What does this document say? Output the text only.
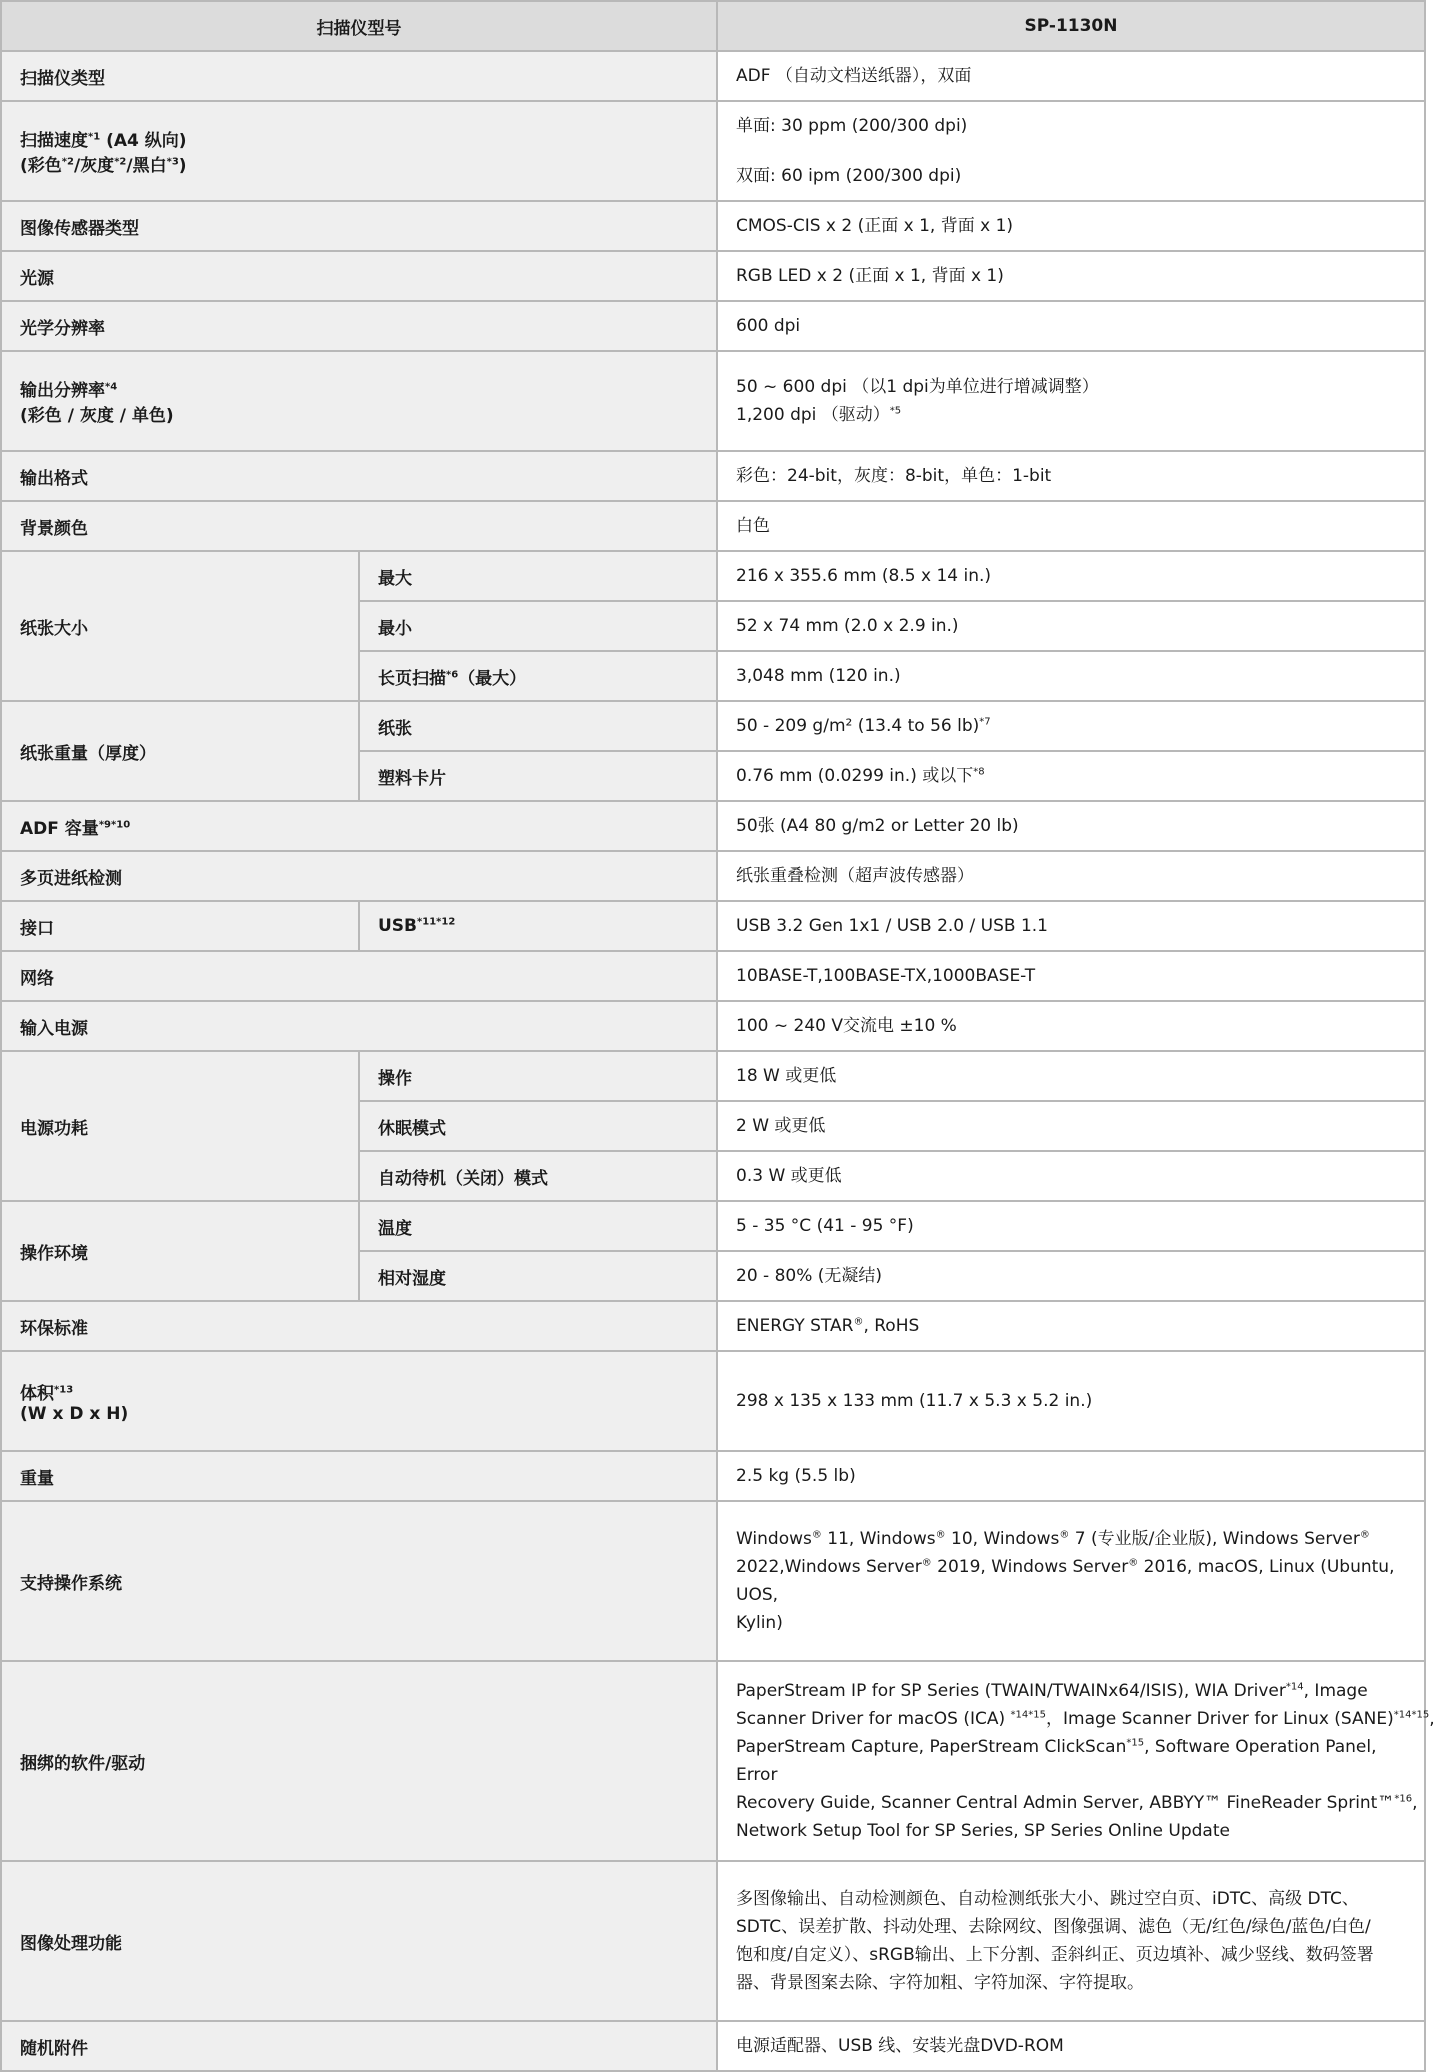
扫描仪型号		SP-1130N
扫描仪类型		ADF （自动文档送纸器），双面

扫描速度$^{*1}$ (A4 纵向)
(彩色$^{*2}$/灰度$^{*2}$/黑白$^{*3}$)		单面: 30 ppm (200/300 dpi)
双面: 60 ipm (200/300 dpi)

图像传感器类型		CMOS-CIS x 2 (正面 x 1, 背面 x 1)
光源		RGB LED x 2 (正面 x 1, 背面 x 1)
光学分辨率		600 dpi

输出分辨率$^{*4}$
(彩色 / 灰度 / 单色)		50 ~ 600 dpi （以1 dpi为单位进行增减调整）
1,200 dpi （驱动）$^{*5}$

输出格式		彩色：24-bit，灰度：8-bit，单色：1-bit
背景颜色		白色
纸张大小	最大	216 x 355.6 mm (8.5 x 14 in.)
	最小	52 x 74 mm (2.0 x 2.9 in.)
	长页扫描$^{*6}$（最大）	3,048 mm (120 in.)
纸张重量（厚度）	纸张	50 - 209 g/m² (13.4 to 56 lb)$^{*7}$
	塑料卡片	0.76 mm (0.0299 in.) 或以下$^{*8}$
ADF 容量$^{*9*10}$		50张 (A4 80 g/m2 or Letter 20 lb)
多页进纸检测		纸张重叠检测（超声波传感器）
接口	$USB^{*11*12}$	USB 3.2 Gen 1x1 / USB 2.0 / USB 1.1
网络		10BASE-T,100BASE-TX,1000BASE-T
输入电源		100 ~ 240 V交流电 ±10 %
电源功耗	操作	18 W 或更低
	休眠模式	2 W 或更低
	自动待机（关闭）模式	0.3 W 或更低
操作环境	温度	5 - 35 °C (41 - 95 °F)
	相对湿度	20 - 80% (无凝结)
环保标准		ENERGY STAR®, RoHS

体积$^{*13}$
(W x D x H)		298 x 135 x 133 mm (11.7 x 5.3 x 5.2 in.)
重量		2.5 kg (5.5 lb)
支持操作系统		Windows® 11, Windows® 10, Windows® 7 (专业版/企业版), Windows Server®
2022,Windows Server® 2019, Windows Server® 2016, macOS, Linux (Ubuntu, UOS,
Kylin)

捆绑的软件/驱动		PaperStream IP for SP Series (TWAIN/TWAINx64/ISIS), WIA Driver$^{*14}$, Image
Scanner Driver for macOS (ICA) $^{*14*15}$，Image Scanner Driver for Linux (SANE)$^{*14*15}$,
PaperStream Capture, PaperStream ClickScan$^{*15}$, Software Operation Panel, Error
Recovery Guide, Scanner Central Admin Server, ABBYY™ FineReader Sprint™$^{*16}$,
Network Setup Tool for SP Series, SP Series Online Update

图像处理功能		多图像输出、自动检测颜色、自动检测纸张大小、跳过空白页、iDTC、高级 DTC、
SDTC、误差扩散、抖动处理、去除网纹、图像强调、滤色（无/红色/绿色/蓝色/白色/
饱和度/自定义）、sRGB输出、上下分割、歪斜纠正、页边填补、减少竖线、数码签署
器、背景图案去除、字符加粗、字符加深、字符提取。

随机附件		电源适配器、USB 线、安装光盘DVD-ROM
